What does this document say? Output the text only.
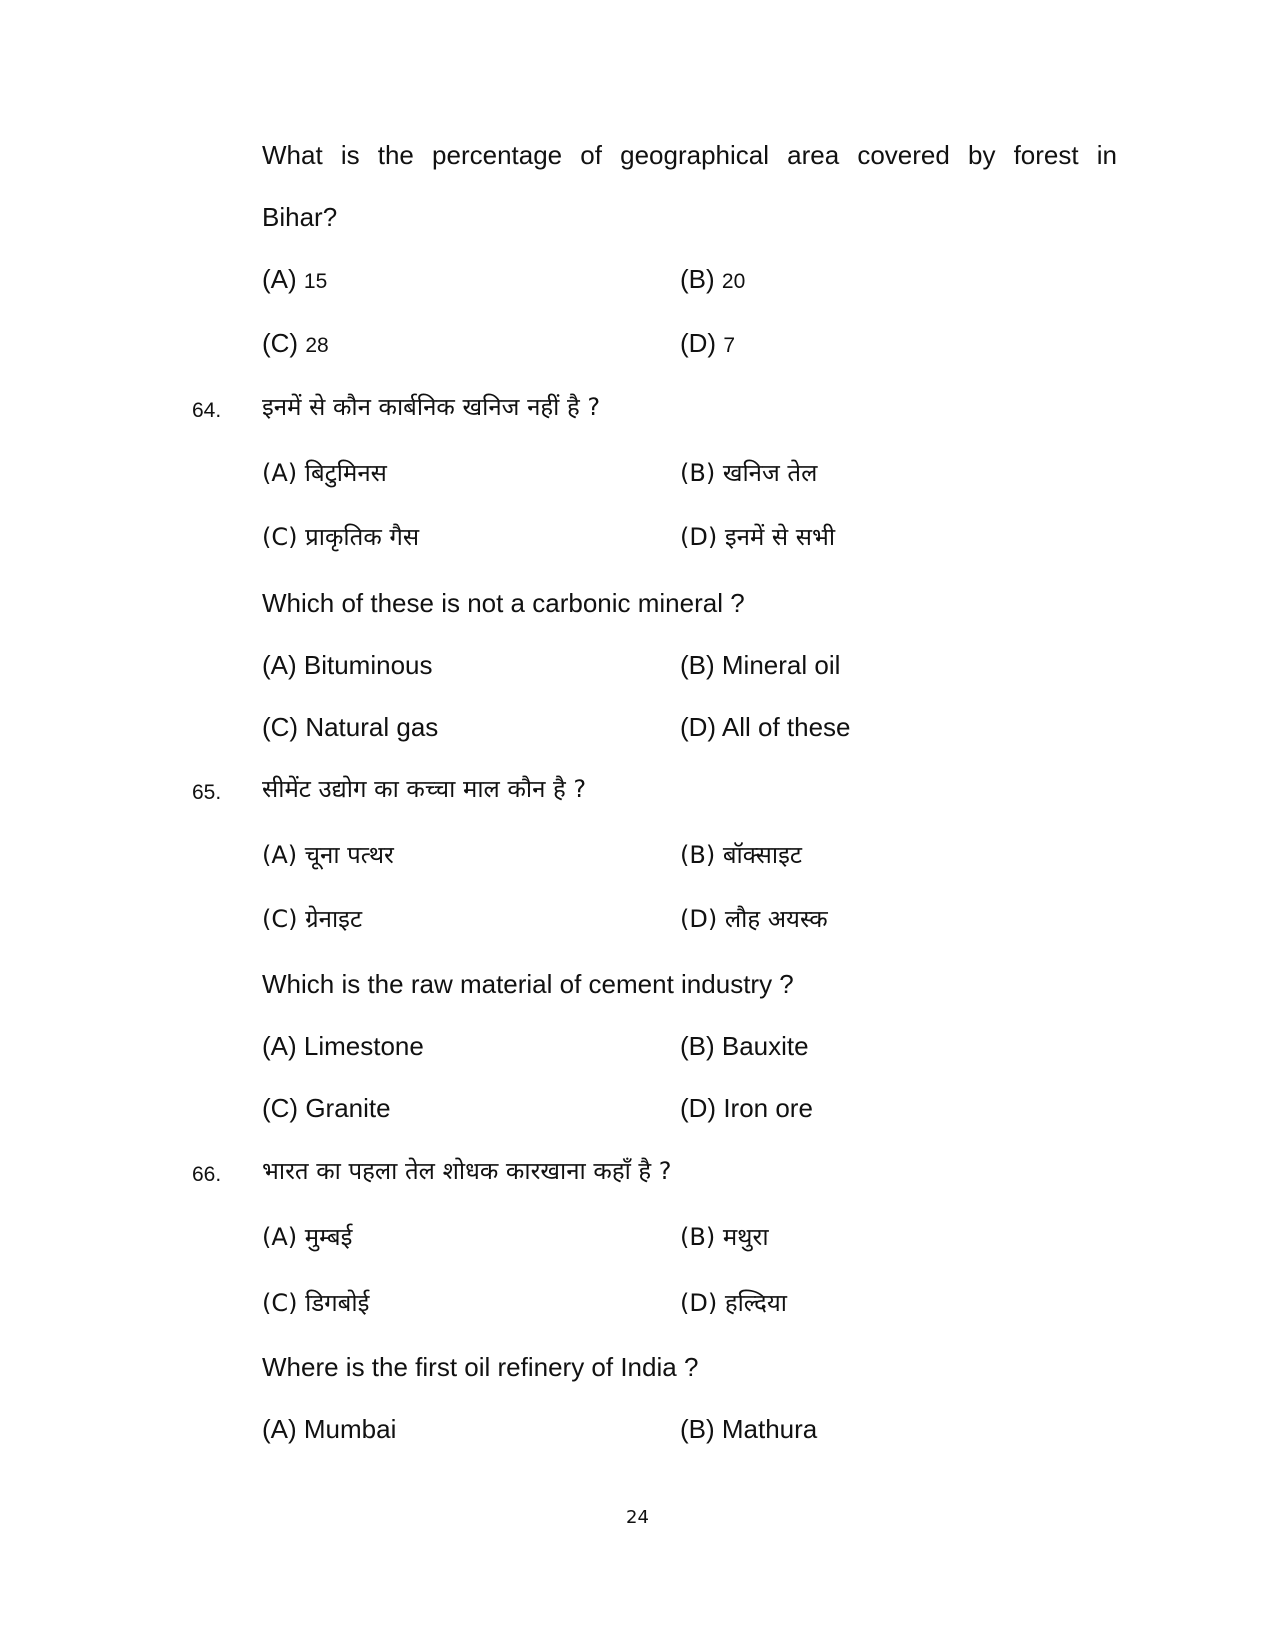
What is the percentage of geographical area covered by forest in
Bihar?
(A) 15	(B) 20
(C) 28	(D) 7
64. इनमें से कौन कार्बनिक खनिज नहीं है ?
(A) बिटुमिनस	(B) खनिज तेल
(C) प्राकृतिक गैस	(D) इनमें से सभी
Which of these is not a carbonic mineral ?
(A) Bituminous	(B) Mineral oil
(C) Natural gas	(D) All of these
65. सीमेंट उद्योग का कच्चा माल कौन है ?
(A) चूना पत्थर	(B) बॉक्साइट
(C) ग्रेनाइट	(D) लौह अयस्क
Which is the raw material of cement industry ?
(A) Limestone	(B) Bauxite
(C) Granite	(D) Iron ore
66. भारत का पहला तेल शोधक कारखाना कहाँ है ?
(A) मुम्बई	(B) मथुरा
(C) डिगबोई	(D) हल्दिया
Where is the first oil refinery of India ?
(A) Mumbai	(B) Mathura
24
